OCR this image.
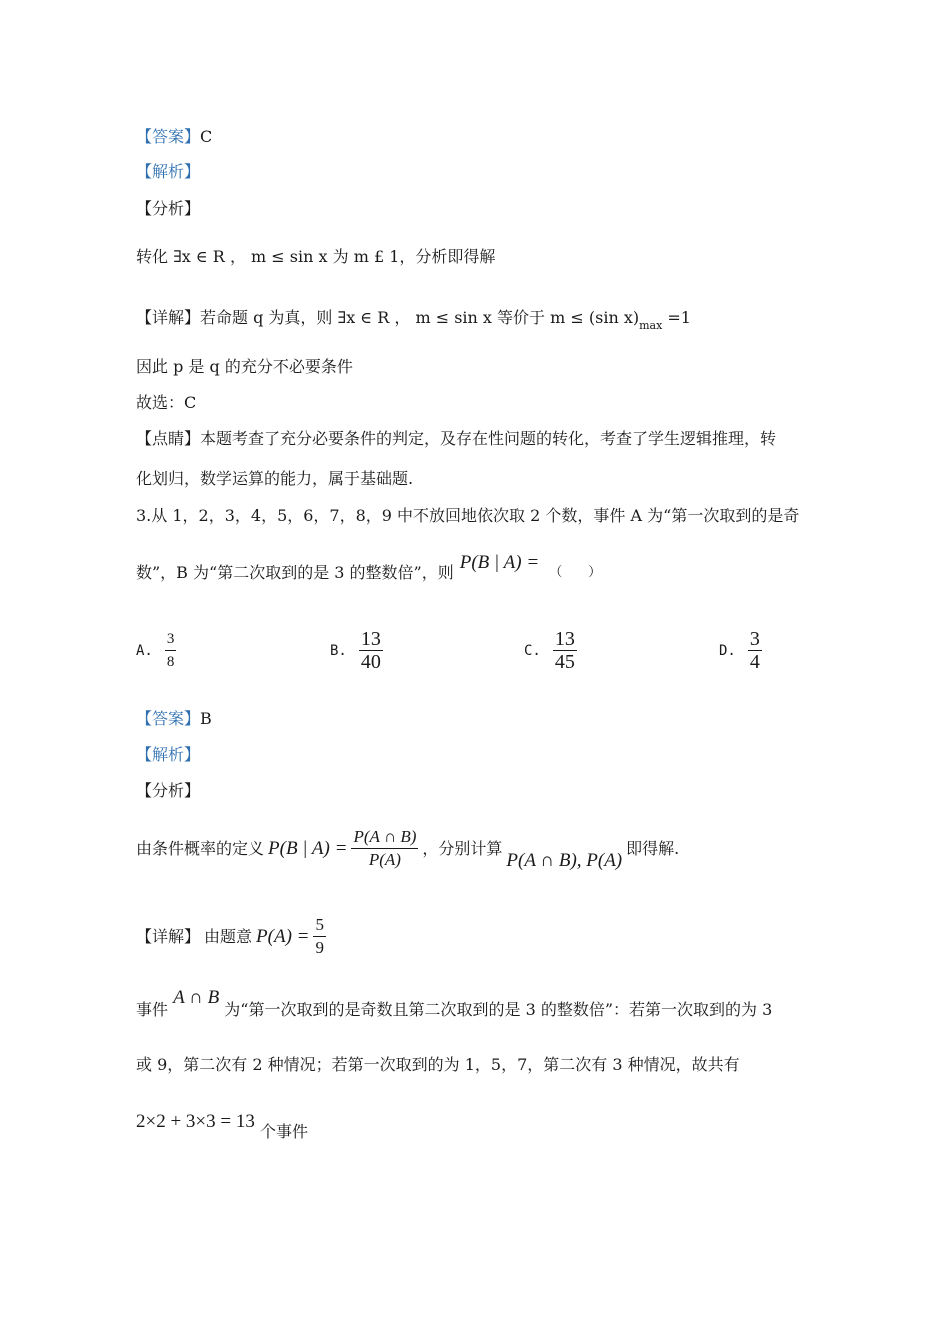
【答案】C
【解析】
【分析】
转化 ∃x ∈ R ， m ≤ sin x 为 m £ 1，分析即得解
【详解】若命题 q 为真，则 ∃x ∈ R ， m ≤ sin x 等价于 m ≤ (sin $x)_{max} =1$
因此 p 是 q 的充分不必要条件
故选：C
【点睛】本题考查了充分必要条件的判定，及存在性问题的转化，考查了学生逻辑推理，转
化划归，数学运算的能力，属于基础题.
3.从 1，2，3，4，5，6，7，8，9 中不放回地依次取 2 个数，事件 A 为“第一次取到的是奇
数”，B 为“第二次取到的是 3 的整数倍”，则 P(B | A) = （　　）
A. $\frac{3}{8}$	B. $\frac{13}{40}$	C. $\frac{13}{45}$	D. $\frac{3}{4}$
【答案】B
【解析】
【分析】
由条件概率的定义 P(B | $A) = \frac{P(A \cap B)}{P(A)}$ ，分别计算
P(A ∩ B), P(A)
即得解.
【详解】 由题意 $P(A) = \frac{5}{9}$
事件 A ∩ B 为“第一次取到的是奇数且第二次取到的是 3 的整数倍”：若第一次取到的为 3
或 9，第二次有 2 种情况；若第一次取到的为 1，5，7，第二次有 3 种情况，故共有
2×2 + 3×3 = 13 个事件
